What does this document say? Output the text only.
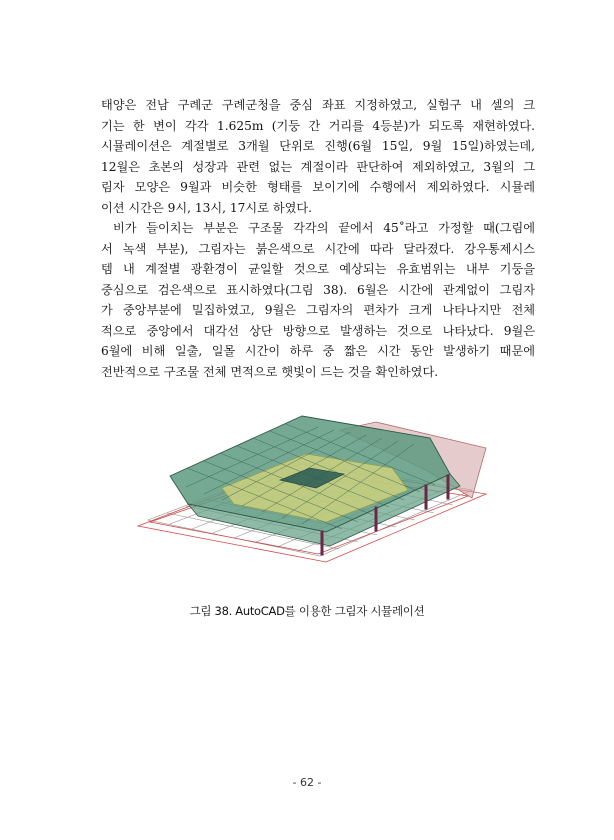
태양은 전남 구례군 구례군청을 중심 좌표 지정하였고, 실험구 내 셀의 크
기는 한 변이 각각 1.625m (기둥 간 거리를 4등분)가 되도록 재현하였다.
시뮬레이션은 계절별로 3개월 단위로 진행(6월 15일, 9월 15일)하였는데,
12월은 초본의 성장과 관련 없는 계절이라 판단하여 제외하였고, 3월의 그
림자 모양은 9월과 비슷한 형태를 보이기에 수행에서 제외하였다. 시뮬레
이션 시간은 9시, 13시, 17시로 하였다.
비가 들이치는 부분은 구조물 각각의 끝에서 45˚라고 가정할 때(그림에
서 녹색 부분), 그림자는 붉은색으로 시간에 따라 달라졌다. 강우통제시스
템 내 계절별 광환경이 균일할 것으로 예상되는 유효범위는 내부 기둥을
중심으로 검은색으로 표시하였다(그림 38). 6월은 시간에 관계없이 그림자
가 중앙부분에 밀집하였고, 9월은 그림자의 편차가 크게 나타나지만 전체
적으로 중앙에서 대각선 상단 방향으로 발생하는 것으로 나타났다. 9월은
6월에 비해 일출, 일몰 시간이 하루 중 짧은 시간 동안 발생하기 때문에
전반적으로 구조물 전체 면적으로 햇빛이 드는 것을 확인하였다.
그림 38. AutoCAD를 이용한 그림자 시뮬레이션
- 62 -
